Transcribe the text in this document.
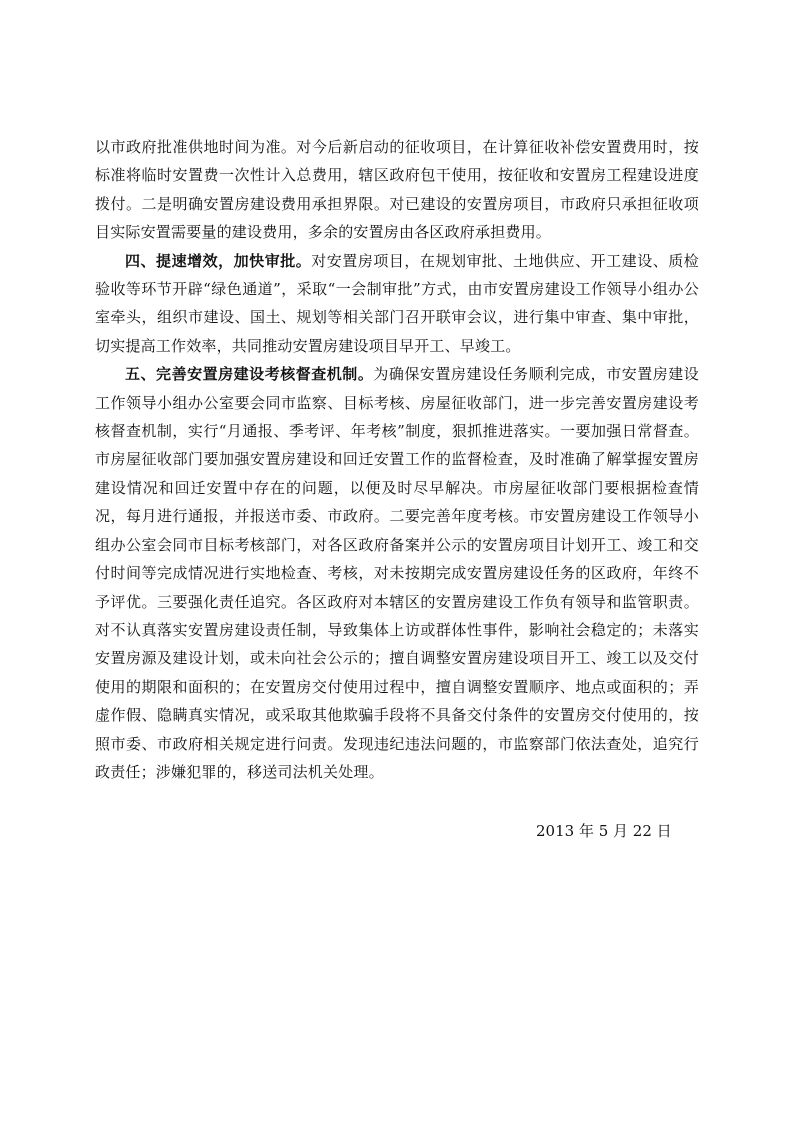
以市政府批准供地时间为准。对今后新启动的征收项目，在计算征收补偿安置费用时，按标准将临时安置费一次性计入总费用，辖区政府包干使用，按征收和安置房工程建设进度拨付。二是明确安置房建设费用承担界限。对已建设的安置房项目，市政府只承担征收项目实际安置需要量的建设费用，多余的安置房由各区政府承担费用。

四、提速增效，加快审批。对安置房项目，在规划审批、土地供应、开工建设、质检验收等环节开辟“绿色通道”，采取“一会制审批”方式，由市安置房建设工作领导小组办公室牵头，组织市建设、国土、规划等相关部门召开联审会议，进行集中审查、集中审批，切实提高工作效率，共同推动安置房建设项目早开工、早竣工。

五、完善安置房建设考核督查机制。为确保安置房建设任务顺利完成，市安置房建设工作领导小组办公室要会同市监察、目标考核、房屋征收部门，进一步完善安置房建设考核督查机制，实行“月通报、季考评、年考核”制度，狠抓推进落实。一要加强日常督查。市房屋征收部门要加强安置房建设和回迁安置工作的监督检查，及时准确了解掌握安置房建设情况和回迁安置中存在的问题，以便及时尽早解决。市房屋征收部门要根据检查情况，每月进行通报，并报送市委、市政府。二要完善年度考核。市安置房建设工作领导小组办公室会同市目标考核部门，对各区政府备案并公示的安置房项目计划开工、竣工和交付时间等完成情况进行实地检查、考核，对未按期完成安置房建设任务的区政府，年终不予评优。三要强化责任追究。各区政府对本辖区的安置房建设工作负有领导和监管职责。对不认真落实安置房建设责任制，导致集体上访或群体性事件，影响社会稳定的；未落实安置房源及建设计划，或未向社会公示的；擅自调整安置房建设项目开工、竣工以及交付使用的期限和面积的；在安置房交付使用过程中，擅自调整安置顺序、地点或面积的；弄虚作假、隐瞒真实情况，或采取其他欺骗手段将不具备交付条件的安置房交付使用的，按照市委、市政府相关规定进行问责。发现违纪违法问题的，市监察部门依法查处，追究行政责任；涉嫌犯罪的，移送司法机关处理。

2013 年 5 月 22 日
